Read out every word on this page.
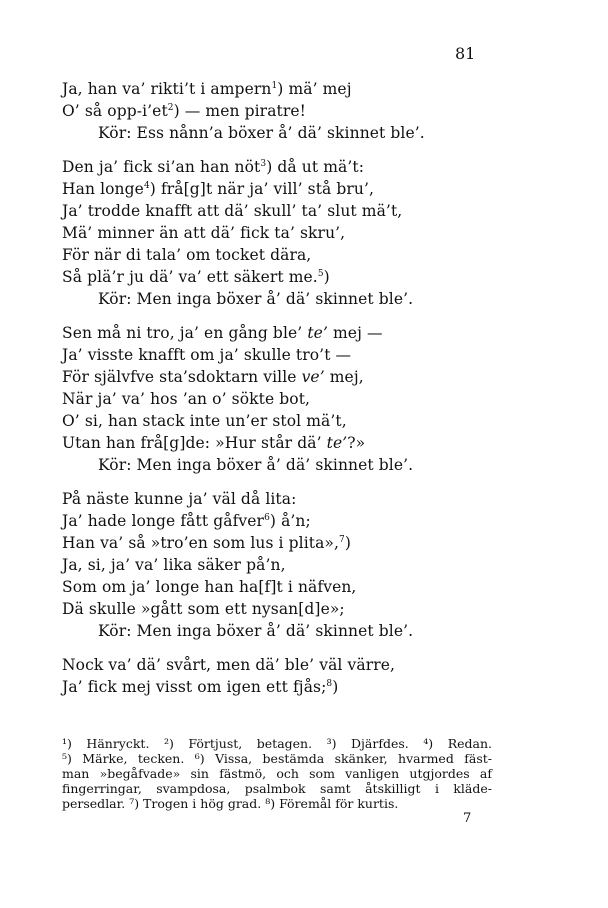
81
Ja, han va’ rikti’t i ampern$^1$) mä’ mej
O’ så opp-$i’et^2$) — men piratre!
Kör: Ess nånn’a böxer å’ dä’ skinnet ble’.
Den ja’ fick si’an han nöt$^3$) då ut mä’t:
Han longe$^4$) frå[g]t när ja’ vill’ stå bru’,
Ja’ trodde knafft att dä’ skull’ ta’ slut mä’t,
Mä’ minner än att dä’ fick ta’ skru’,
För när di tala’ om tocket dära,
Så plä’r ju dä’ va’ ett säkert me.$^5$)
Kör: Men inga böxer å’ dä’ skinnet ble’.
Sen må ni tro, ja’ en gång ble’ te’ mej —
Ja’ visste knafft om ja’ skulle tro’t —
För självfve sta’sdoktarn ville ve’ mej,
När ja’ va’ hos ’an o’ sökte bot,
O’ si, han stack inte un’er stol mä’t,
Utan han frå[g]de: »Hur står dä’ te’?»
Kör: Men inga böxer å’ dä’ skinnet ble’.
På näste kunne ja’ väl då lita:
Ja’ hade longe fått gåfver$^6$) å’n;
Han va’ så »tro’en som lus i plita»,$^7$)
Ja, si, ja’ va’ lika säker på’n,
Som om ja’ longe han ha[f]t i näfven,
Dä skulle »gått som ett nysan[d]e»;
Kör: Men inga böxer å’ dä’ skinnet ble’.
Nock va’ dä’ svårt, men dä’ ble’ väl värre,
Ja’ fick mej visst om igen ett fjås;$^8$)
¹) Hänryckt. ²) Förtjust, betagen. ³) Djärfdes. ⁴) Redan.
⁵) Märke, tecken. ⁶) Vissa, bestämda skänker, hvarmed fäst-
man »begåfvade» sin fästmö, och som vanligen utgjordes af
fingerringar, svampdosa, psalmbok samt åtskilligt i kläde-
persedlar. ⁷) Trogen i hög grad. ⁸) Föremål för kurtis.
7
